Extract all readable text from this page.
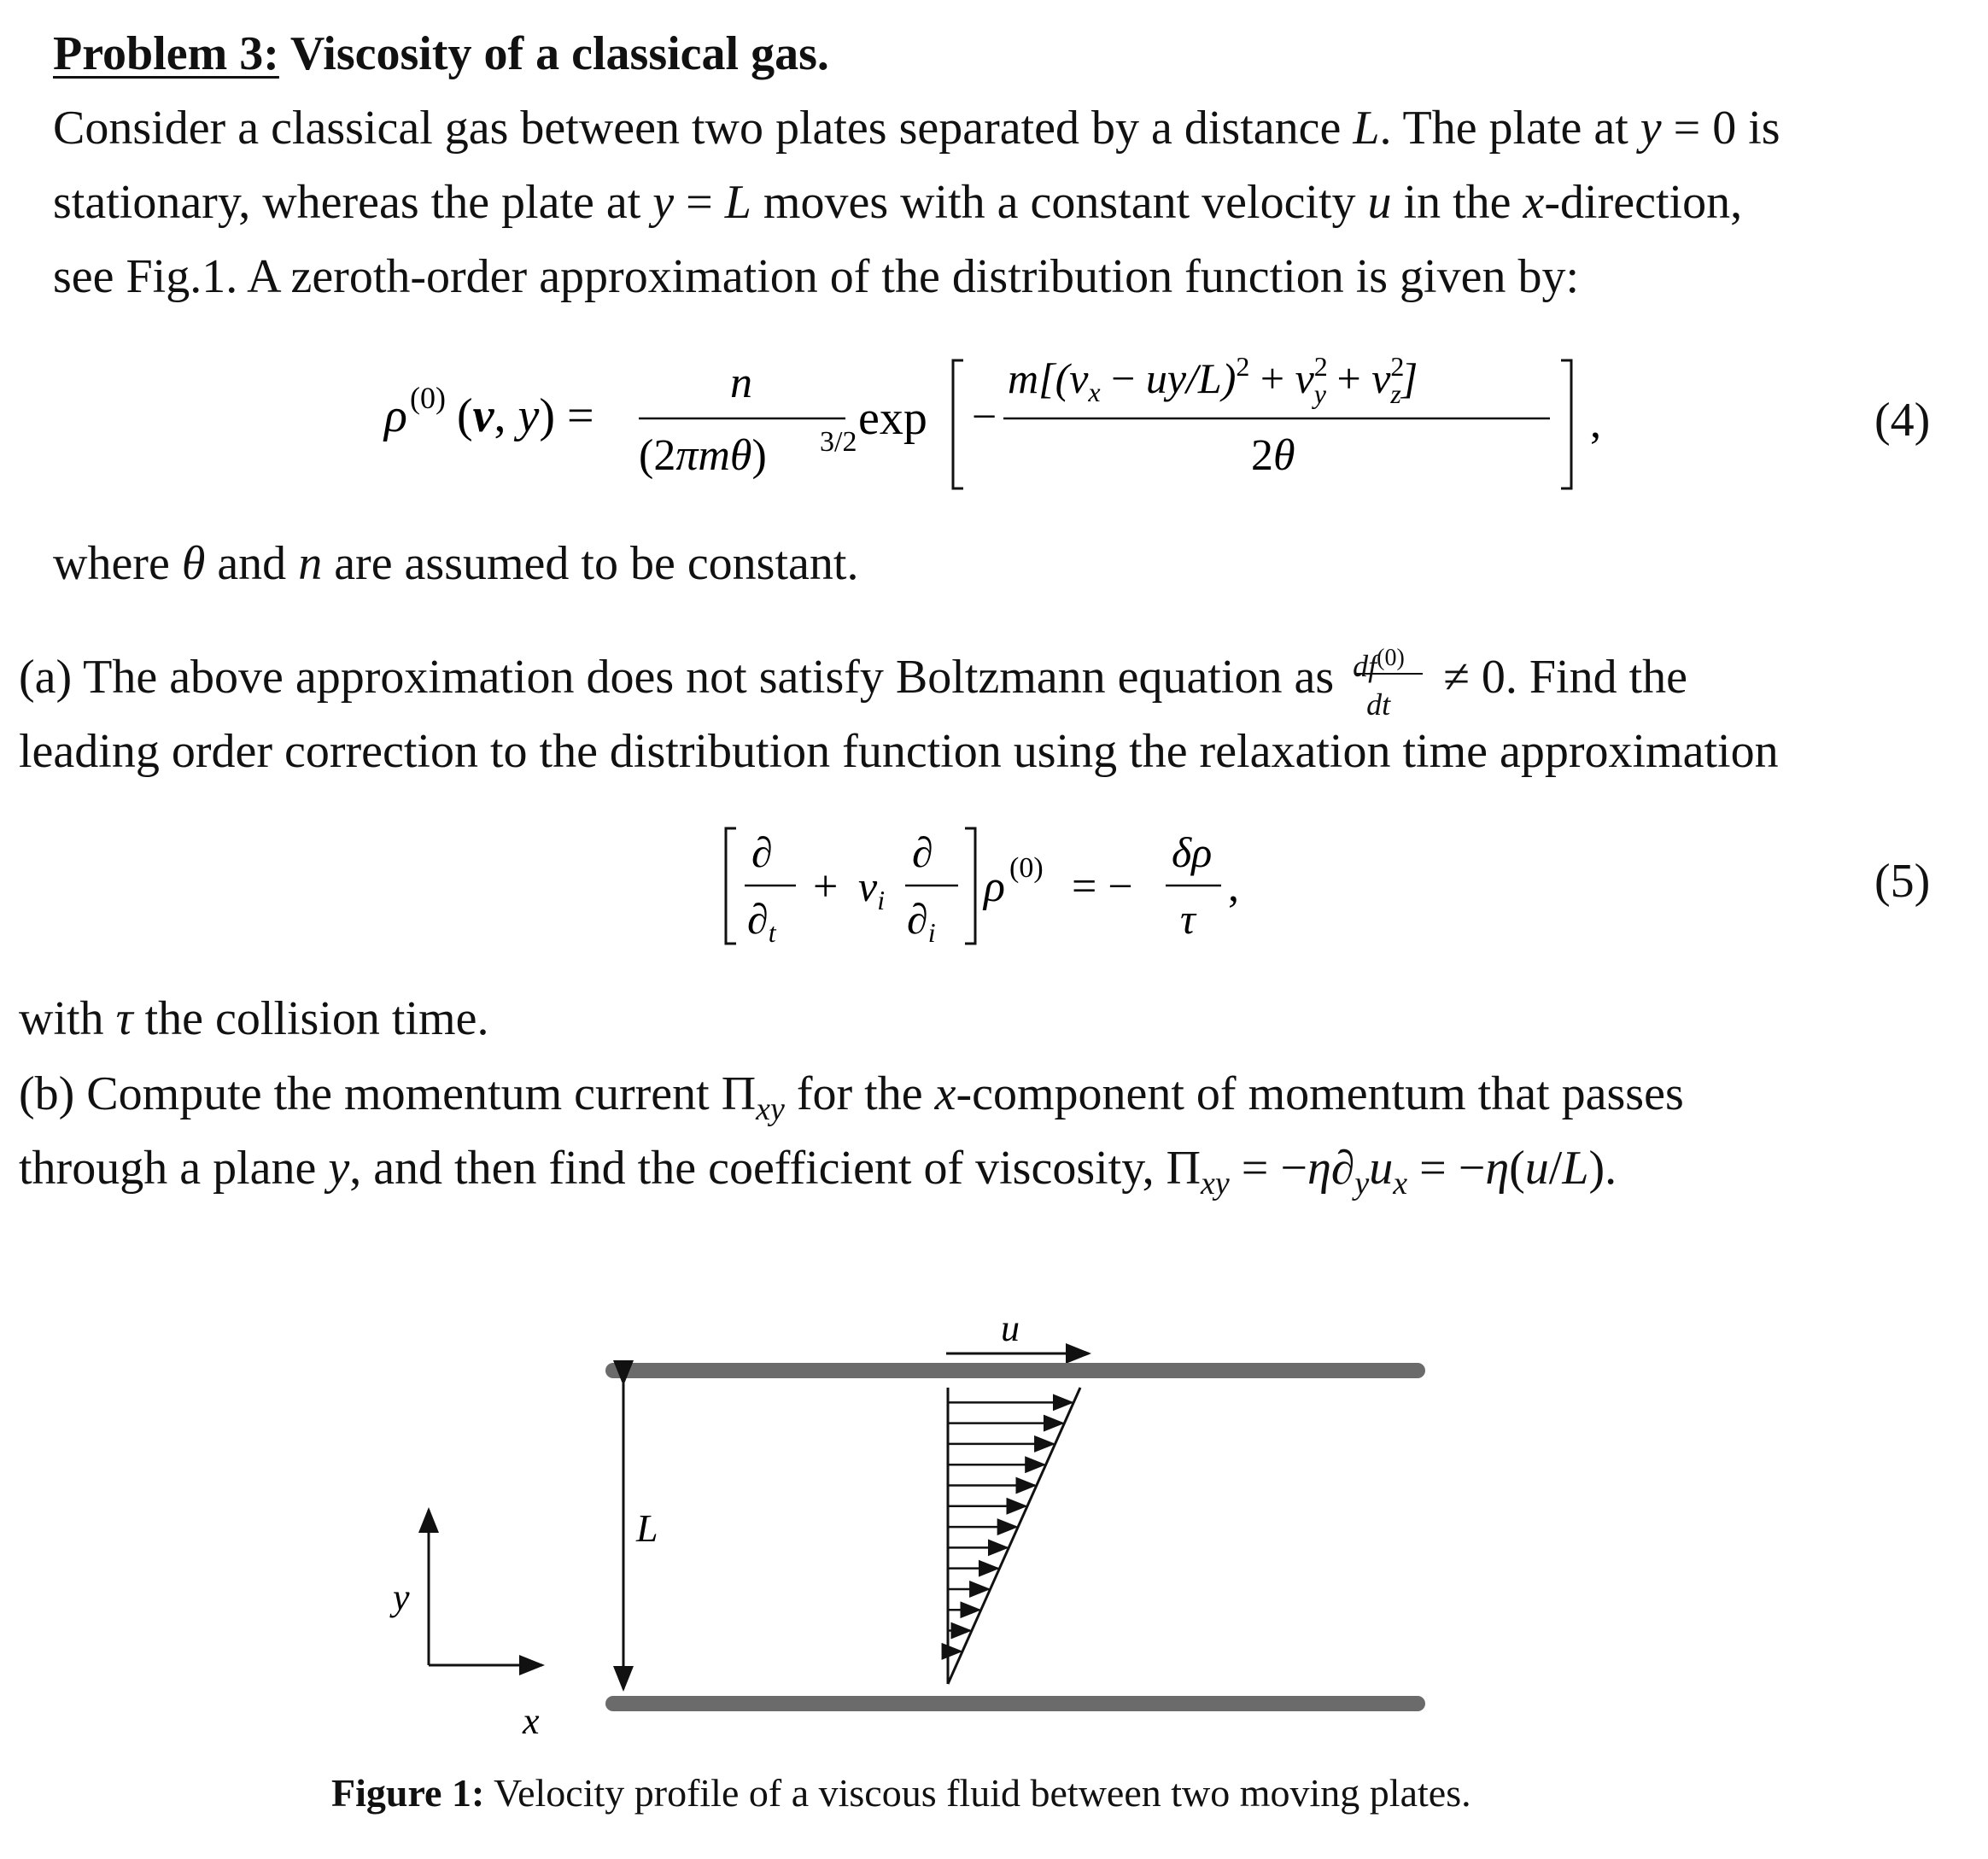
Problem 3: Viscosity of a classical gas.
Consider a classical gas between two plates separated by a distance L. The plate at y = 0 is
stationary, whereas the plate at y = L moves with a constant velocity u in the x-direction,
see Fig.1. A zeroth-order approximation of the distribution function is given by:
ρ (0) (v, y) =
n
(2πmθ) 3/2 exp −
$m[(v_x - uy/L)^2 + v^2$ $y + v^2$ z]
2θ
,	(4)
where θ and n are assumed to be constant.
(a) The above approximation does not satisfy Boltzmann equation as $df^{(0)}$
dt
≠ 0. Find the
leading order correction to the distribution function using the relaxation time approximation
∂
$\partial_t$
+ $v_i$
∂
$\partial_i$
ρ (0) = −
δρ
τ
,	(5)
with τ the collision time.
(b) Compute the momentum current $\Pi_{xy}$ for the x-component of momentum that passes
through a plane y, and then find the coefficient of viscosity, $\Pi_{xy} = -\eta\partial_yu_x = -\eta(u/L)$.
u
L
y
x
Figure 1: Velocity profile of a viscous fluid between two moving plates.
